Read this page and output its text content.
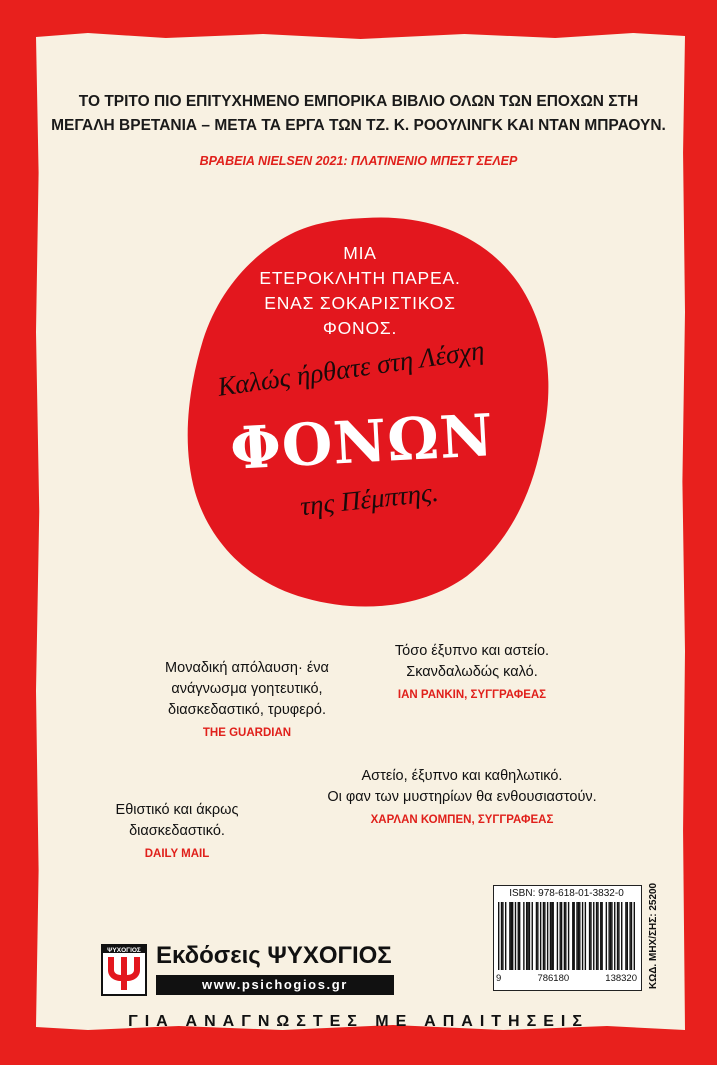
ΤΟ ΤΡΙΤΟ ΠΙΟ ΕΠΙΤΥΧΗΜΕΝΟ ΕΜΠΟΡΙΚΑ ΒΙΒΛΙΟ ΟΛΩΝ ΤΩΝ ΕΠΟΧΩΝ ΣΤΗ
ΜΕΓΑΛΗ ΒΡΕΤΑΝΙΑ – ΜΕΤΑ ΤΑ ΕΡΓΑ ΤΩΝ ΤΖ. Κ. ΡΟΟΥΛΙΝΓΚ ΚΑΙ ΝΤΑΝ ΜΠΡΑΟΥΝ.
ΒΡΑΒΕΙΑ NIELSEN 2021: ΠΛΑΤΙΝΕΝΙΟ ΜΠΕΣΤ ΣΕΛΕΡ
ΜΙΑ
ΕΤΕΡΟΚΛΗΤΗ ΠΑΡΕΑ.
ΕΝΑΣ ΣΟΚΑΡΙΣΤΙΚΟΣ
ΦΟΝΟΣ.
Καλώς ήρθατε στη Λέσχη
ΦΟΝΩΝ
της Πέμπτης.
Μοναδική απόλαυση· ένα
ανάγνωσμα γοητευτικό,
διασκεδαστικό, τρυφερό.
THE GUARDIAN
Τόσο έξυπνο και αστείο.
Σκανδαλωδώς καλό.
ΙΑΝ ΡΑΝΚΙΝ, ΣΥΓΓΡΑΦΕΑΣ
Αστείο, έξυπνο και καθηλωτικό.
Οι φαν των μυστηρίων θα ενθουσιαστούν.
ΧΑΡΛΑΝ ΚΟΜΠΕΝ, ΣΥΓΓΡΑΦΕΑΣ
Εθιστικό και άκρως
διασκεδαστικό.
DAILY MAIL
ISBN: 978-618-01-3832-0
9	786180	138320 ΚΩΔ. ΜΗΧ/ΣΗΣ: 25200
ΨΥΧΟΓΙΟΣ Εκδόσεις ΨΥΧΟΓΙΟΣ
www.psichogios.gr
ΓΙΑ ΑΝΑΓΝΩΣΤΕΣ ΜΕ ΑΠΑΙΤΗΣΕΙΣ
